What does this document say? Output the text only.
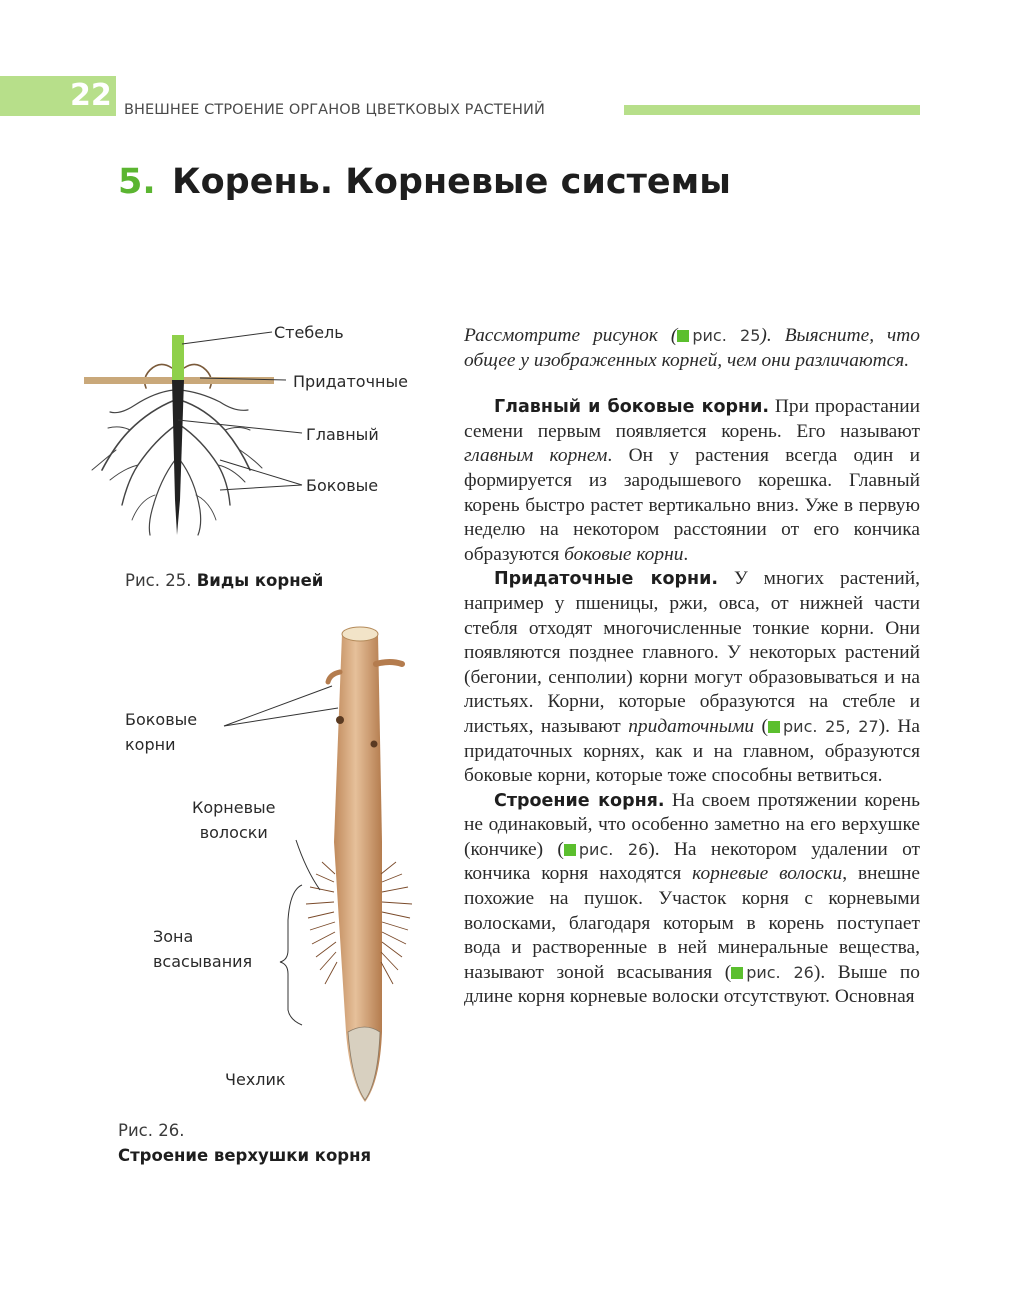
22 ВНЕШНЕЕ СТРОЕНИЕ ОРГАНОВ ЦВЕТКОВЫХ РАСТЕНИЙ
5. Корень. Корневые системы
Стебель
Придаточные
Главный
Боковые
Рис. 25. Виды корней
Боковые
корни
Корневые
волоски
Зона
всасывания
Чехлик
Рис. 26.
Строение верхушки корня

Рассмотрите рисунок ( рис. 25). Выясните, что общее у изображенных корней, чем они различаются.

Главный и боковые корни. При прорастании семени первым появляется корень. Его называют главным корнем. Он у растения всегда один и формируется из зародышевого корешка. Главный корень быстро растет вертикально вниз. Уже в первую неделю на некотором расстоянии от его кончика образуются боковые корни.

Придаточные корни. У многих растений, например у пшеницы, ржи, овса, от нижней части стебля отходят многочисленные тонкие корни. Они появляются позднее главного. У некоторых растений (бегонии, сенполии) корни могут образовываться и на листьях. Корни, которые образуются на стебле и листьях, называют придаточными ( рис. 25, 27). На придаточных корнях, как и на главном, образуются боковые корни, которые тоже способны ветвиться.

Строение корня. На своем протяжении корень не одинаковый, что особенно заметно на его верхушке (кончике) ( рис. 26). На некотором удалении от кончика корня находятся корневые волоски, внешне похожие на пушок. Участок корня с корневыми волосками, благодаря которым в корень поступает вода и растворенные в ней минеральные вещества, называют зоной всасывания ( рис. 26). Выше по длине корня корневые волоски отсутствуют. Основная
